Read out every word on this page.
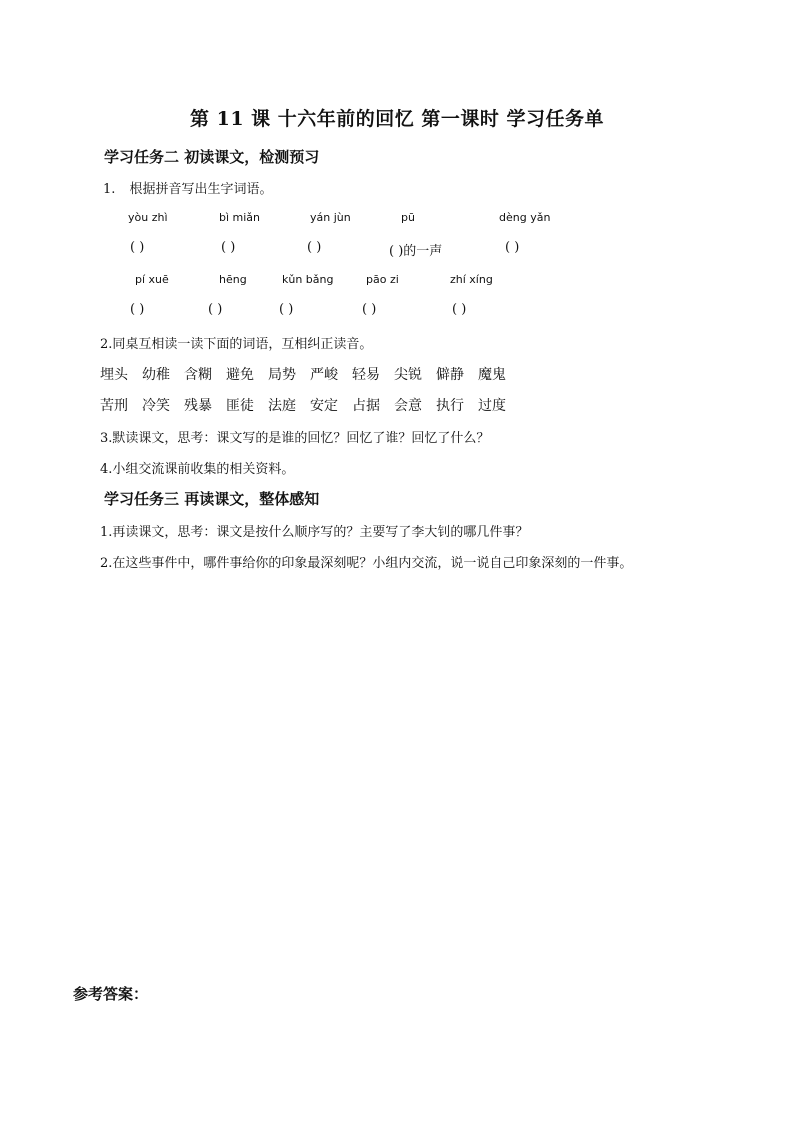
第 11 课 十六年前的回忆 第一课时 学习任务单
学习任务二 初读课文，检测预习
1. 根据拼音写出生字词语。
yòu zhì	bì miǎn	yán jùn	pū	dèng yǎn
( )	( )	( )	( )的一声	( )
pí xuē	hēng	kǔn bǎng	pāo zi	zhí xíng
( )	( )	( )	( )	( )
2.同桌互相读一读下面的词语，互相纠正读音。
埋头 幼稚 含糊 避免 局势 严峻 轻易 尖锐 僻静 魔鬼
苦刑 冷笑 残暴 匪徒 法庭 安定 占据 会意 执行 过度
3.默读课文，思考：课文写的是谁的回忆？回忆了谁？回忆了什么？
4.小组交流课前收集的相关资料。
学习任务三 再读课文，整体感知
1.再读课文，思考：课文是按什么顺序写的？主要写了李大钊的哪几件事？
2.在这些事件中，哪件事给你的印象最深刻呢？小组内交流，说一说自己印象深刻的一件事。
参考答案：
